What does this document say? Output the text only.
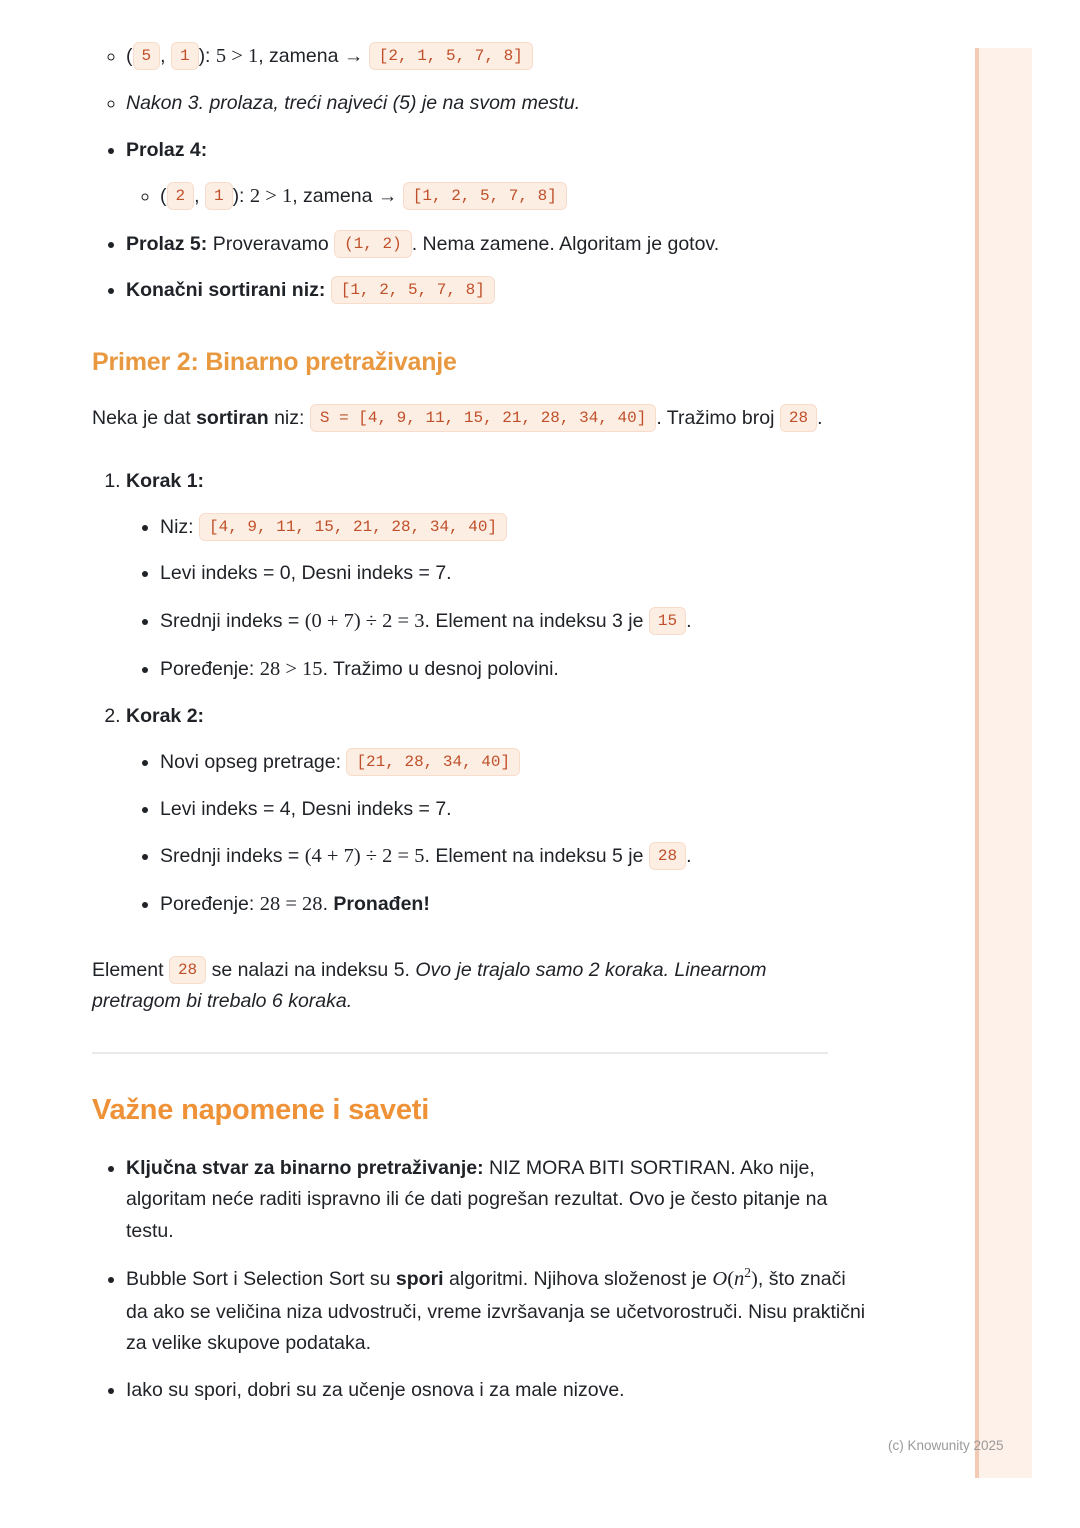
◦ ( 5 , 1 ): 5 > 1, zamena → [2, 1, 5, 7, 8]
◦ Nakon 3. prolaza, treći najveći (5) je na svom mestu.
• Prolaz 4:
◦ ( 2 , 1 ): 2 > 1, zamena → [1, 2, 5, 7, 8]
• Prolaz 5: Proveravamo (1, 2) . Nema zamene. Algoritam je gotov.
• Konačni sortirani niz: [1, 2, 5, 7, 8]
Primer 2: Binarno pretraživanje

Neka je dat sortiran niz: S = [4, 9, 11, 15, 21, 28, 34, 40] . Tražimo broj 28 .

1. Korak 1:
• Niz: [4, 9, 11, 15, 21, 28, 34, 40]
• Levi indeks = 0, Desni indeks = 7.
• Srednji indeks = (0 + 7) ÷ 2 = 3. Element na indeksu 3 je 15 .
• Poređenje: 28 > 15. Tražimo u desnoj polovini.
2. Korak 2:
• Novi opseg pretrage: [21, 28, 34, 40]
• Levi indeks = 4, Desni indeks = 7.
• Srednji indeks = (4 + 7) ÷ 2 = 5. Element na indeksu 5 je 28 .
• Poređenje: 28 = 28. Pronađen!

Element 28 se nalazi na indeksu 5. Ovo je trajalo samo 2 koraka. Linearnom pretragom bi trebalo 6 koraka.

Važne napomene i saveti
• Ključna stvar za binarno pretraživanje: NIZ MORA BITI SORTIRAN. Ako nije, algoritam neće raditi ispravno ili će dati pogrešan rezultat. Ovo je često pitanje na testu.
• Bubble Sort i Selection Sort su spori algoritmi. Njihova složenost je $O(n^2)$, što znači da ako se veličina niza udvostruči, vreme izvršavanja se učetvorostruči. Nisu praktični za velike skupove podataka.
• Iako su spori, dobri su za učenje osnova i za male nizove.
(c) Knowunity 2025
